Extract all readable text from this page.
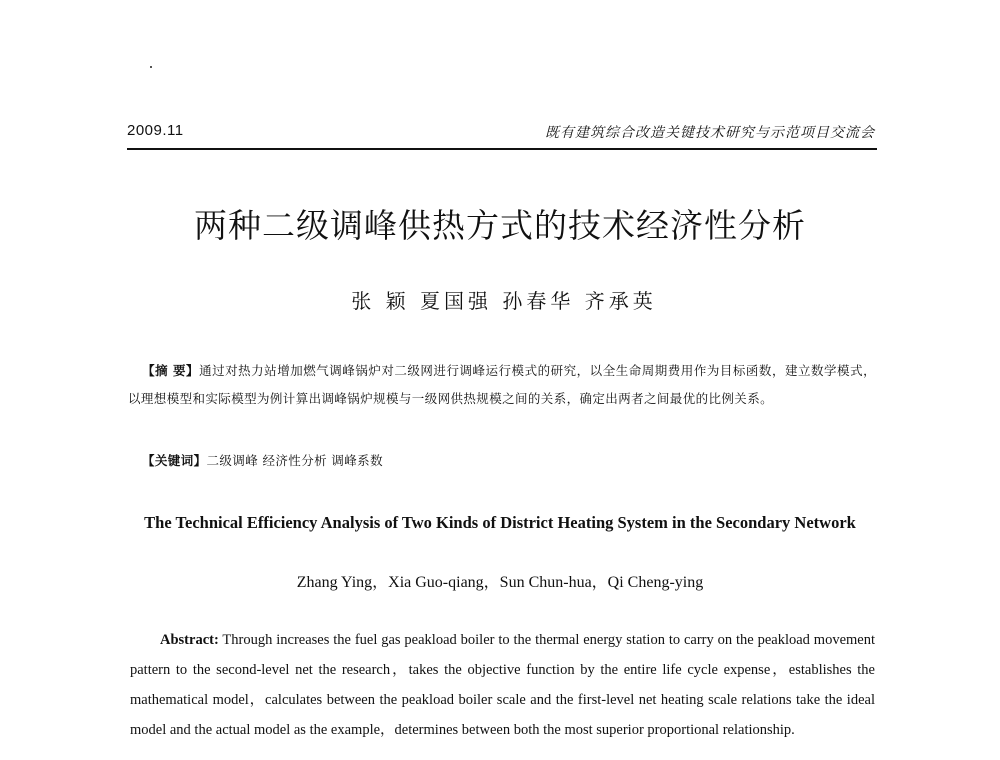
2009.11	既有建筑综合改造关键技术研究与示范项目交流会
两种二级调峰供热方式的技术经济性分析
张 颖 夏国强 孙春华 齐承英
【摘 要】通过对热力站增加燃气调峰锅炉对二级网进行调峰运行模式的研究，以全生命周期费用作为目标函数，建立数学模式，以理想模型和实际模型为例计算出调峰锅炉规模与一级网供热规模之间的关系，确定出两者之间最优的比例关系。
【关键词】二级调峰 经济性分析 调峰系数
The Technical Efficiency Analysis of Two Kinds of District Heating System in the Secondary Network
Zhang Ying，Xia Guo-qiang，Sun Chun-hua，Qi Cheng-ying
Abstract: Through increases the fuel gas peakload boiler to the thermal energy station to carry on the peakload movement pattern to the second-level net the research，takes the objective function by the entire life cycle expense，establishes the mathematical model，calculates between the peakload boiler scale and the first-level net heating scale relations take the ideal model and the actual model as the example，determines between both the most superior proportional relationship.
